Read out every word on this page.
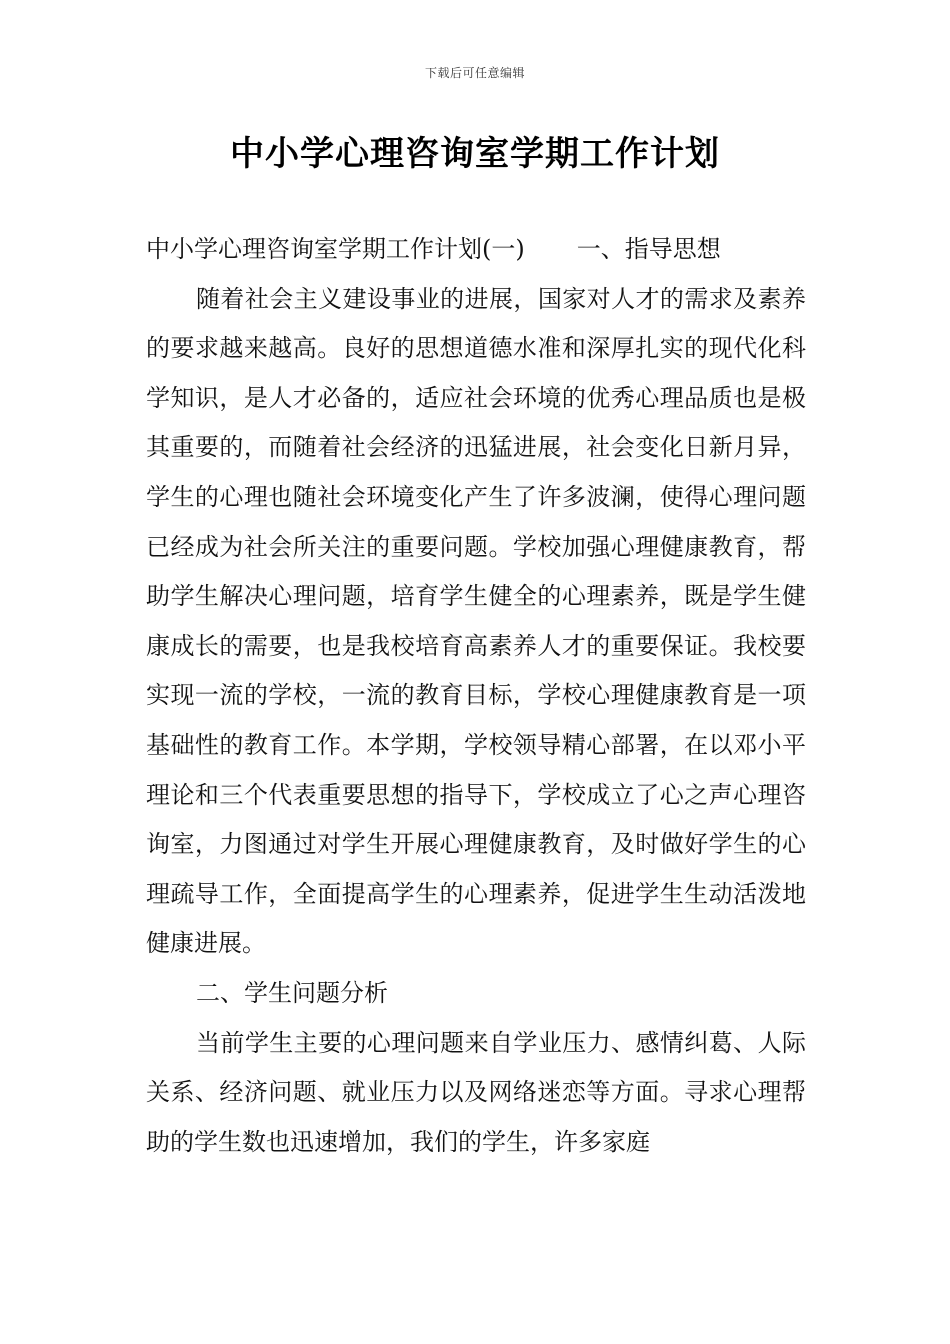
下载后可任意编辑
中小学心理咨询室学期工作计划

中小学心理咨询室学期工作计划(一) 一、指导思想

随着社会主义建设事业的进展，国家对人才的需求及素养的要求越来越高。良好的思想道德水准和深厚扎实的现代化科学知识，是人才必备的，适应社会环境的优秀心理品质也是极其重要的，而随着社会经济的迅猛进展，社会变化日新月异，学生的心理也随社会环境变化产生了许多波澜，使得心理问题已经成为社会所关注的重要问题。学校加强心理健康教育，帮助学生解决心理问题，培育学生健全的心理素养，既是学生健康成长的需要，也是我校培育高素养人才的重要保证。我校要实现一流的学校，一流的教育目标，学校心理健康教育是一项基础性的教育工作。本学期，学校领导精心部署，在以邓小平理论和三个代表重要思想的指导下，学校成立了心之声心理咨询室，力图通过对学生开展心理健康教育，及时做好学生的心理疏导工作，全面提高学生的心理素养，促进学生生动活泼地健康进展。

二、学生问题分析

当前学生主要的心理问题来自学业压力、感情纠葛、人际关系、经济问题、就业压力以及网络迷恋等方面。寻求心理帮助的学生数也迅速增加，我们的学生，许多家庭
